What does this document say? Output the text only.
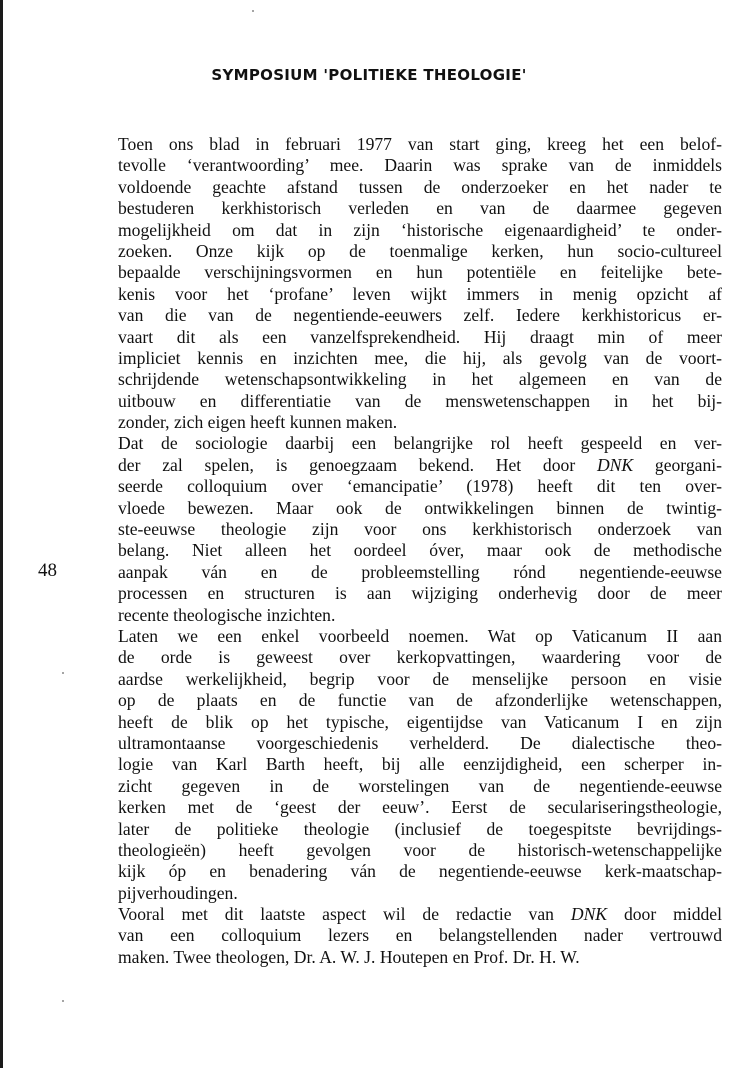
SYMPOSIUM 'POLITIEKE THEOLOGIE'
48
Toen ons blad in februari 1977 van start ging, kreeg het een belof-
tevolle ‘verantwoording’ mee. Daarin was sprake van de inmiddels
voldoende geachte afstand tussen de onderzoeker en het nader te
bestuderen kerkhistorisch verleden en van de daarmee gegeven
mogelijkheid om dat in zijn ‘historische eigenaardigheid’ te onder-
zoeken. Onze kijk op de toenmalige kerken, hun socio-cultureel
bepaalde verschijningsvormen en hun potentiële en feitelijke bete-
kenis voor het ‘profane’ leven wijkt immers in menig opzicht af
van die van de negentiende-eeuwers zelf. Iedere kerkhistoricus er-
vaart dit als een vanzelfsprekendheid. Hij draagt min of meer
impliciet kennis en inzichten mee, die hij, als gevolg van de voort-
schrijdende wetenschapsontwikkeling in het algemeen en van de
uitbouw en differentiatie van de menswetenschappen in het bij-
zonder, zich eigen heeft kunnen maken.
Dat de sociologie daarbij een belangrijke rol heeft gespeeld en ver-
der zal spelen, is genoegzaam bekend. Het door DNK georgani-
seerde colloquium over ‘emancipatie’ (1978) heeft dit ten over-
vloede bewezen. Maar ook de ontwikkelingen binnen de twintig-
ste-eeuwse theologie zijn voor ons kerkhistorisch onderzoek van
belang. Niet alleen het oordeel óver, maar ook de methodische
aanpak ván en de probleemstelling rónd negentiende-eeuwse
processen en structuren is aan wijziging onderhevig door de meer
recente theologische inzichten.
Laten we een enkel voorbeeld noemen. Wat op Vaticanum II aan
de orde is geweest over kerkopvattingen, waardering voor de
aardse werkelijkheid, begrip voor de menselijke persoon en visie
op de plaats en de functie van de afzonderlijke wetenschappen,
heeft de blik op het typische, eigentijdse van Vaticanum I en zijn
ultramontaanse voorgeschiedenis verhelderd. De dialectische theo-
logie van Karl Barth heeft, bij alle eenzijdigheid, een scherper in-
zicht gegeven in de worstelingen van de negentiende-eeuwse
kerken met de ‘geest der eeuw’. Eerst de seculariseringstheologie,
later de politieke theologie (inclusief de toegespitste bevrijdings-
theologieën) heeft gevolgen voor de historisch-wetenschappelijke
kijk óp en benadering ván de negentiende-eeuwse kerk-maatschap-
pijverhoudingen.
Vooral met dit laatste aspect wil de redactie van DNK door middel
van een colloquium lezers en belangstellenden nader vertrouwd
maken. Twee theologen, Dr. A. W. J. Houtepen en Prof. Dr. H. W.
